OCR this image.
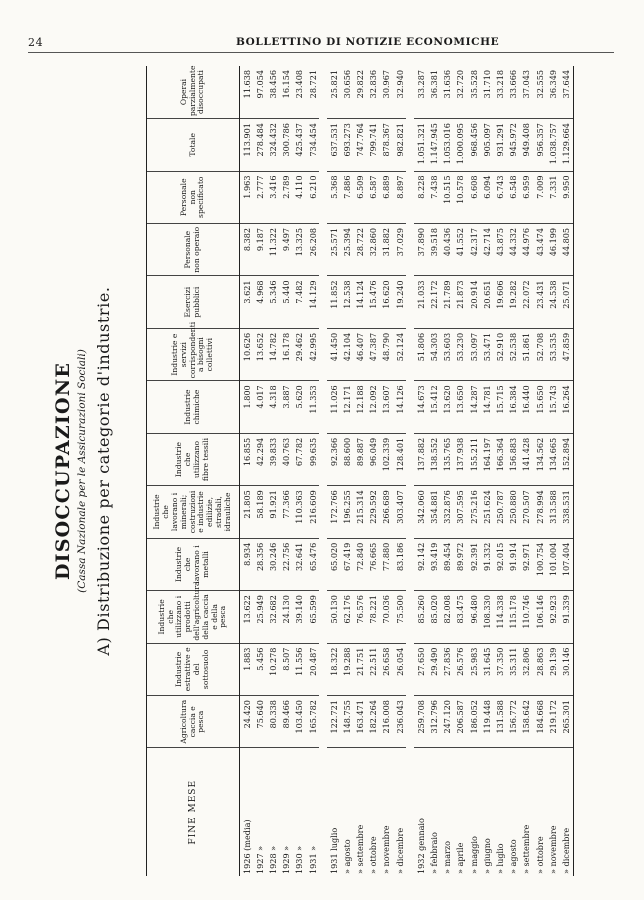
24	BOLLETTINO DI NOTIZIE ECONOMICHE
DISOCCUPAZIONE (Cassa Nazionale per le Assicurazioni Sociali) A) Distribuzione per categorie d'industrie.
FINE MESE	Agricoltura caccia e pesca	Industrie estrattive e del sottosuolo	Industrie che utilizzano i prodotti dell'agricoltura della caccia e della pesca	Industrie che lavorano i metalli	Industrie che lavorano i minerali; costruzioni e industrie edilizie, stradali, idrauliche	Industrie che utilizzano fibre tessili	Industrie chimiche	Industrie e servizi corrispondenti a bisogni collettivi	Esercizi pubblici	Personale non operaio	Personale non specificato	Totale	Operai parzialmente disoccupati
1926 (media)	24.420	1.883	13.622	8.934	21.805	16.855	1.800	10.626	3.621	8.382	1.963	113.901	11.638
1927 »	75.640	5.456	25.949	28.356	58.189	42.294	4.017	13.652	4.968	9.187	2.777	278.484	97.054
1928 »	80.338	10.278	32.682	30.246	91.921	39.833	4.318	14.782	5.346	11.322	3.416	324.432	38.456
1929 »	89.466	8.507	24.130	22.756	77.366	40.763	3.887	16.178	5.440	9.497	2.789	300.786	16.154
1930 »	103.450	11.556	39.140	32.641	110.363	67.782	5.620	29.462	7.482	13.325	4.110	425.437	23.408
1931 »	165.782	20.487	65.599	65.476	216.609	99.635	11.353	42.995	14.129	26.208	6.210	734.454	28.721

1931 luglio	122.721	18.322	50.130	65.020	172.766	92.366	11.026	41.450	11.852	25.571	5.368	637.531	25.821
» agosto	148.755	19.288	62.176	67.419	196.255	88.600	12.171	42.104	12.538	25.394	7.886	693.273	30.656
» settembre	163.471	21.751	76.576	72.840	215.314	89.887	12.188	46.407	14.124	28.722	6.509	747.764	29.822
» ottobre	182.264	22.511	78.221	76.665	229.592	96.049	12.092	47.387	15.476	32.860	6.587	799.741	32.836
» novembre	216.008	26.658	70.036	77.880	266.689	102.339	13.607	48.790	16.620	31.882	6.889	878.367	30.967
» dicembre	236.043	26.054	75.500	83.186	303.407	128.401	14.126	52.124	19.240	37.029	8.897	982.821	32.940

1932 gennaio	259.708	27.650	85.260	92.142	342.060	137.882	14.673	51.806	21.033	37.890	8.228	1.051.321	33.287
» febbraio	312.796	29.490	85.020	93.419	354.881	138.552	15.412	54.303	22.172	39.518	7.438	1.147.945	36.381
» marzo	247.120	27.836	82.008	89.454	332.876	135.765	13.620	53.603	21.789	40.436	10.515	1.053.016	31.636
» aprile	206.587	26.576	83.475	89.972	307.595	137.938	13.650	53.230	21.873	41.552	10.578	1.000.095	32.720
» maggio	186.052	25.983	96.480	92.391	275.216	155.211	14.287	53.097	20.914	42.317	6.608	968.456	35.528
» giugno	119.448	31.645	108.330	91.332	251.624	164.197	14.781	53.471	20.651	42.714	6.094	905.097	31.710
» luglio	131.588	37.350	114.338	92.015	250.787	166.364	15.715	52.910	19.606	43.875	6.743	931.291	33.218
» agosto	156.772	35.311	115.178	91.914	250.880	156.883	16.384	52.538	19.282	44.332	6.548	945.972	33.666
» settembre	158.642	32.806	110.746	92.971	270.507	141.428	16.440	51.861	22.072	44.976	6.959	949.408	37.043
» ottobre	184.668	28.863	106.146	100.754	278.994	134.562	15.650	52.708	23.431	43.474	7.009	956.357	32.555
» novembre	219.172	29.139	92.923	101.004	313.588	134.665	15.743	53.535	24.538	46.199	7.331	1.038.757	36.349
» dicembre	265.301	30.146	91.339	107.404	338.531	152.894	16.264	47.859	25.071	44.805	9.950	1.129.664	37.644
